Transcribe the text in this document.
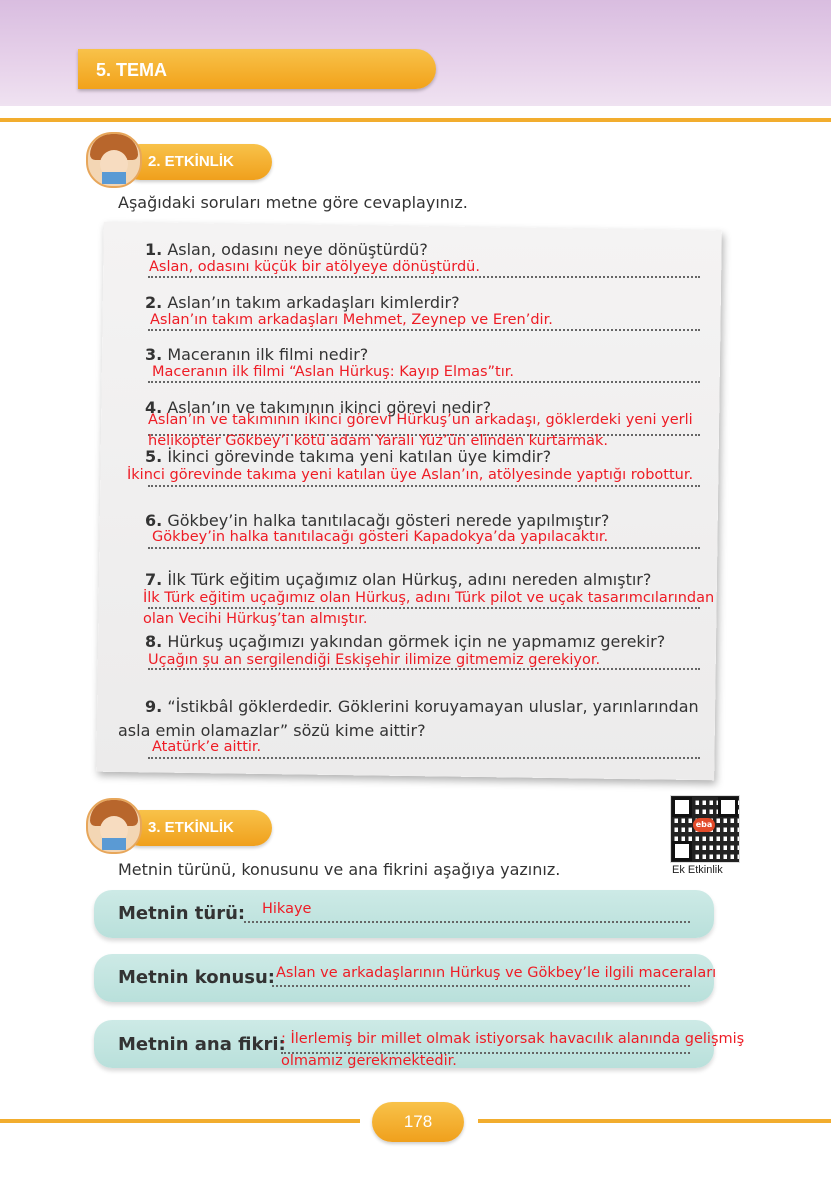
5. TEMA
2. ETKİNLİK
Aşağıdaki soruları metne göre cevaplayınız.
1. Aslan, odasını neye dönüştürdü?
Aslan, odasını küçük bir atölyeye dönüştürdü.
2. Aslan’ın takım arkadaşları kimlerdir?
Aslan’ın takım arkadaşları Mehmet, Zeynep ve Eren’dir.
3. Maceranın ilk filmi nedir?
Maceranın ilk filmi “Aslan Hürkuş: Kayıp Elmas”tır.
4. Aslan’ın ve takımının ikinci görevi nedir?
Aslan’ın ve takımının ikinci görevi Hürkuş’un arkadaşı, göklerdeki yeni yerli
helikopter Gökbey’i kötü adam Yaralı Yüz’ün elinden kurtarmak.
5. İkinci görevinde takıma yeni katılan üye kimdir?
İkinci görevinde takıma yeni katılan üye Aslan’ın, atölyesinde yaptığı robottur.
6. Gökbey’in halka tanıtılacağı gösteri nerede yapılmıştır?
Gökbey’in halka tanıtılacağı gösteri Kapadokya’da yapılacaktır.
7. İlk Türk eğitim uçağımız olan Hürkuş, adını nereden almıştır?
İlk Türk eğitim uçağımız olan Hürkuş, adını Türk pilot ve uçak tasarımcılarından
olan Vecihi Hürkuş’tan almıştır.
8. Hürkuş uçağımızı yakından görmek için ne yapmamız gerekir?
Uçağın şu an sergilendiği Eskişehir ilimize gitmemiz gerekiyor.
9. “İstikbâl göklerdedir. Göklerini koruyamayan uluslar, yarınlarından
asla emin olamazlar” sözü kime aittir?
Atatürk’e aittir.
3. ETKİNLİK
Metnin türünü, konusunu ve ana fikrini aşağıya yazınız.
eba
Ek Etkinlik
Metnin türü: Hikaye
Metnin konusu: Aslan ve arkadaşlarının Hürkuş ve Gökbey’le ilgili maceraları
Metnin ana fikri:
: İlerlemiş bir millet olmak istiyorsak havacılık alanında gelişmiş
olmamız gerekmektedir.
178
